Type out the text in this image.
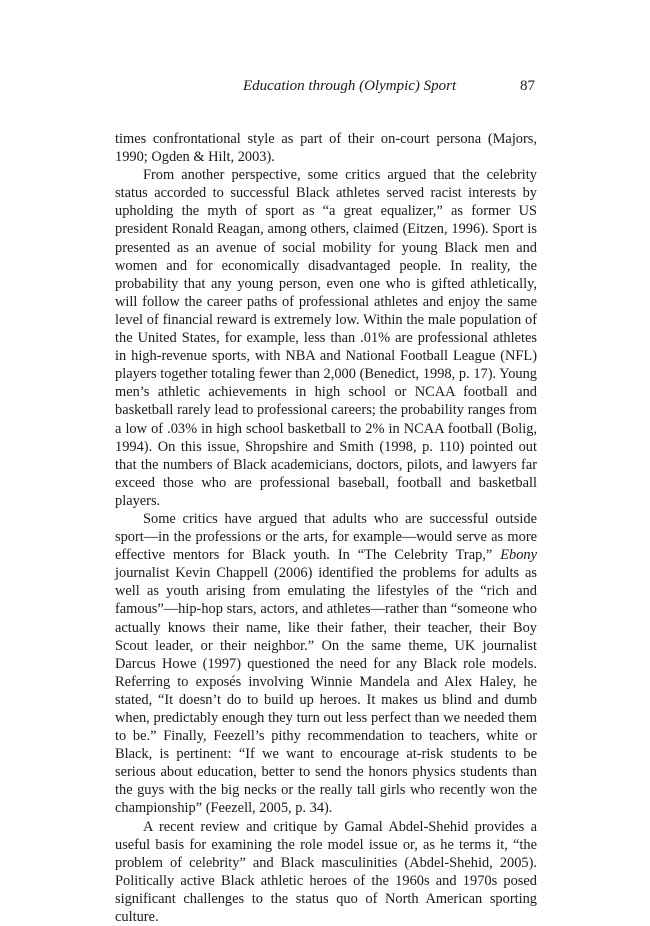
Education through (Olympic) Sport	87

times confrontational style as part of their on-court persona (Majors, 1990; Ogden & Hilt, 2003).

From another perspective, some critics argued that the celebrity status accorded to successful Black athletes served racist interests by upholding the myth of sport as “a great equalizer,” as former US president Ronald Reagan, among others, claimed (Eitzen, 1996). Sport is presented as an avenue of social mobility for young Black men and women and for economically disadvantaged people. In reality, the probability that any young person, even one who is gifted athletically, will follow the career paths of professional athletes and enjoy the same level of financial reward is extremely low. Within the male population of the United States, for example, less than .01% are professional athletes in high-revenue sports, with NBA and National Football League (NFL) players together totaling fewer than 2,000 (Benedict, 1998, p. 17). Young men’s athletic achievements in high school or NCAA football and basketball rarely lead to professional careers; the probability ranges from a low of .03% in high school basketball to 2% in NCAA football (Bolig, 1994). On this issue, Shropshire and Smith (1998, p. 110) pointed out that the numbers of Black academicians, doctors, pilots, and lawyers far exceed those who are professional baseball, football and basketball players.

Some critics have argued that adults who are successful outside sport—in the professions or the arts, for example—would serve as more effective mentors for Black youth. In “The Celebrity Trap,” Ebony journalist Kevin Chappell (2006) identified the problems for adults as well as youth arising from emulating the lifestyles of the “rich and famous”—hip-hop stars, actors, and athletes—rather than “someone who actually knows their name, like their father, their teacher, their Boy Scout leader, or their neighbor.” On the same theme, UK journalist Darcus Howe (1997) questioned the need for any Black role models. Referring to exposés involving Winnie Mandela and Alex Haley, he stated, “It doesn’t do to build up heroes. It makes us blind and dumb when, predictably enough they turn out less perfect than we needed them to be.” Finally, Feezell’s pithy recommendation to teachers, white or Black, is pertinent: “If we want to encourage at-risk students to be serious about education, better to send the honors physics students than the guys with the big necks or the really tall girls who recently won the championship” (Feezell, 2005, p. 34).

A recent review and critique by Gamal Abdel-Shehid provides a useful basis for examining the role model issue or, as he terms it, “the problem of celebrity” and Black masculinities (Abdel-Shehid, 2005). Politically active Black athletic heroes of the 1960s and 1970s posed significant challenges to the status quo of North American sporting culture.
